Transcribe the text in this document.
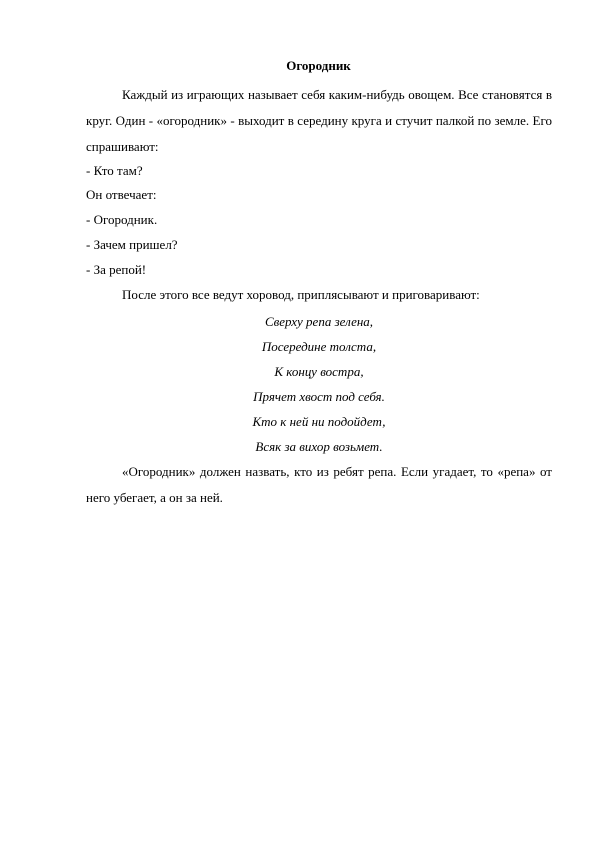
Огородник
Каждый из играющих называет себя каким-нибудь овощем. Все становятся в круг. Один - «огородник» - выходит в середину круга и стучит палкой по земле. Его спрашивают:
- Кто там?
Он отвечает:
- Огородник.
- Зачем пришел?
- За репой!
После этого все ведут хоровод, приплясывают и приговаривают:
Сверху репа зелена,
Посередине толста,
К концу востра,
Прячет хвост под себя.
Кто к ней ни подойдет,
Всяк за вихор возьмет.
«Огородник» должен назвать, кто из ребят репа. Если угадает, то «репа» от него убегает, а он за ней.
